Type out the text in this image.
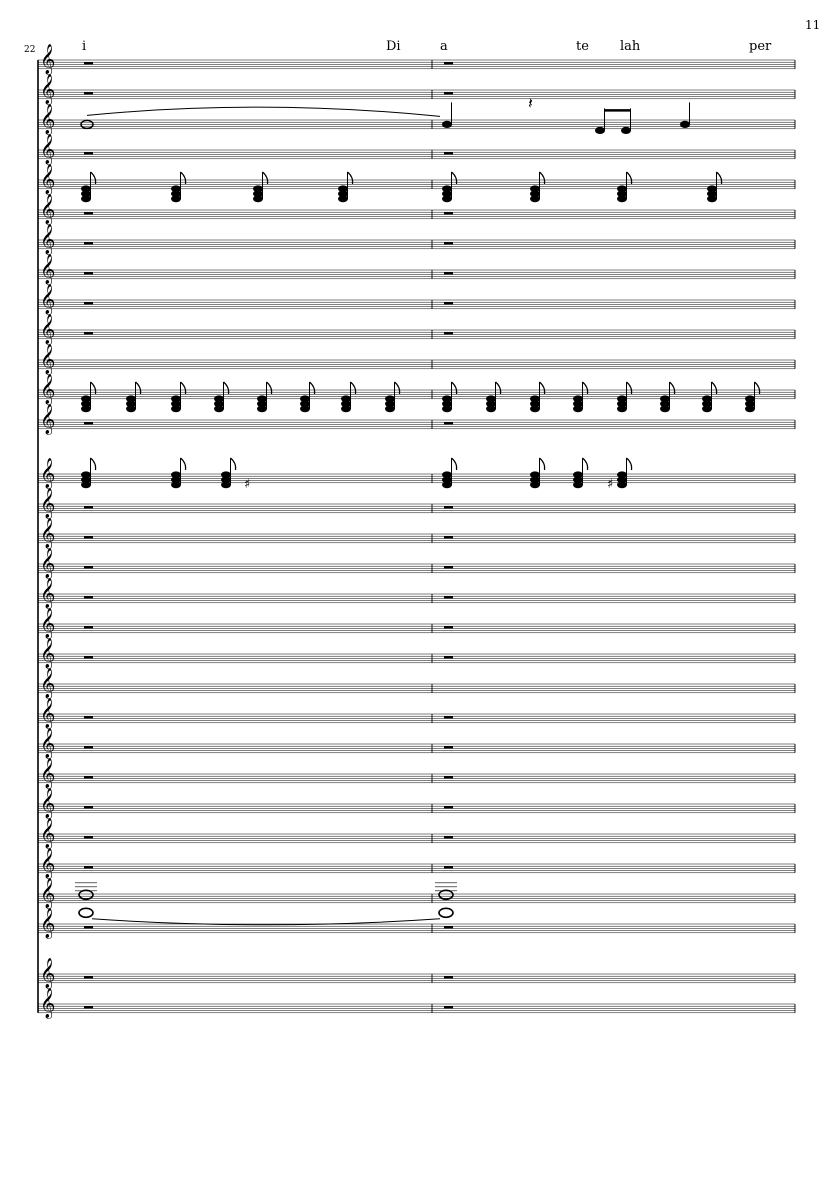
11
22	i	Di	a	te lah	per
𝄞
𝄞
𝄞
𝄞
𝄞
𝄞
𝄞
𝄞
𝄞
𝄞
𝄞
𝄞
𝄞
𝄞
𝄞
𝄞
𝄞
𝄞
𝄞
𝄞
𝄞
𝄞
𝄞
𝄞
𝄞
𝄞
𝄞
𝄞
𝄞
𝄞
𝄞
𝄽
♯	♯
